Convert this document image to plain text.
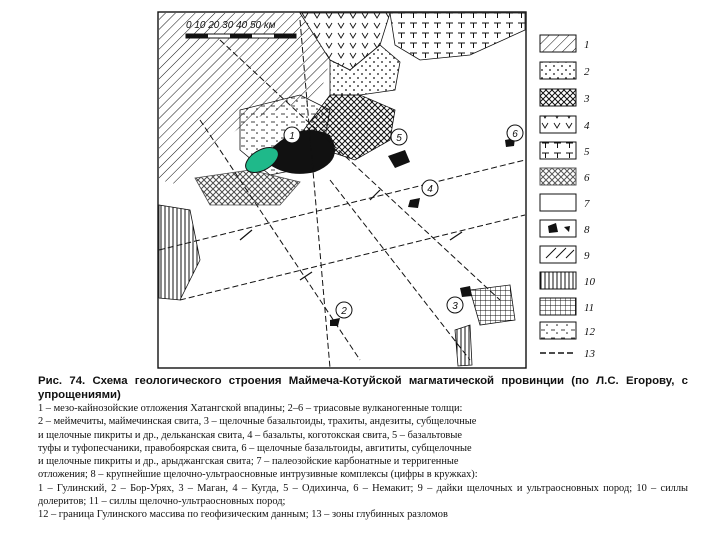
1
2	3
4
5	6
0 10 20 30 40 50 км
1
2
3
4
5
6
7
8
9
10
11
12
13

Рис. 74. Схема геологического строения Маймеча-Котуйской магматической провинции (по Л.С. Егорову, с упрощениями)

1 – мезо-кайнозойские отложения Хатангской впадины; 2–6 – триасовые вулканогенные толщи:

2 – меймечиты, маймечинская свита, 3 – щелочные базальтоиды, трахиты, андезиты, субщелочные

и щелочные пикриты и др., дельканская свита, 4 – базальты, коготокская свита, 5 – базальтовые

туфы и туфопесчаники, правобоярская свита, 6 – щелочные базальтоиды, авгититы, субщелочные

и щелочные пикриты и др., арыджангская свита; 7 – палеозойские карбонатные и терригенные

отложения; 8 – крупнейшие щелочно-ультраосновные интрузивные комплексы (цифры в кружках):

1 – Гулинский, 2 – Бор-Урях, 3 – Маган, 4 – Кугда, 5 – Одихинча, 6 – Немакит; 9 – дайки щелочных и ультраосновных пород; 10 – силлы долеритов; 11 – силлы щелочно-ультраосновных пород;

12 – граница Гулинского массива по геофизическим данным; 13 – зоны глубинных разломов
